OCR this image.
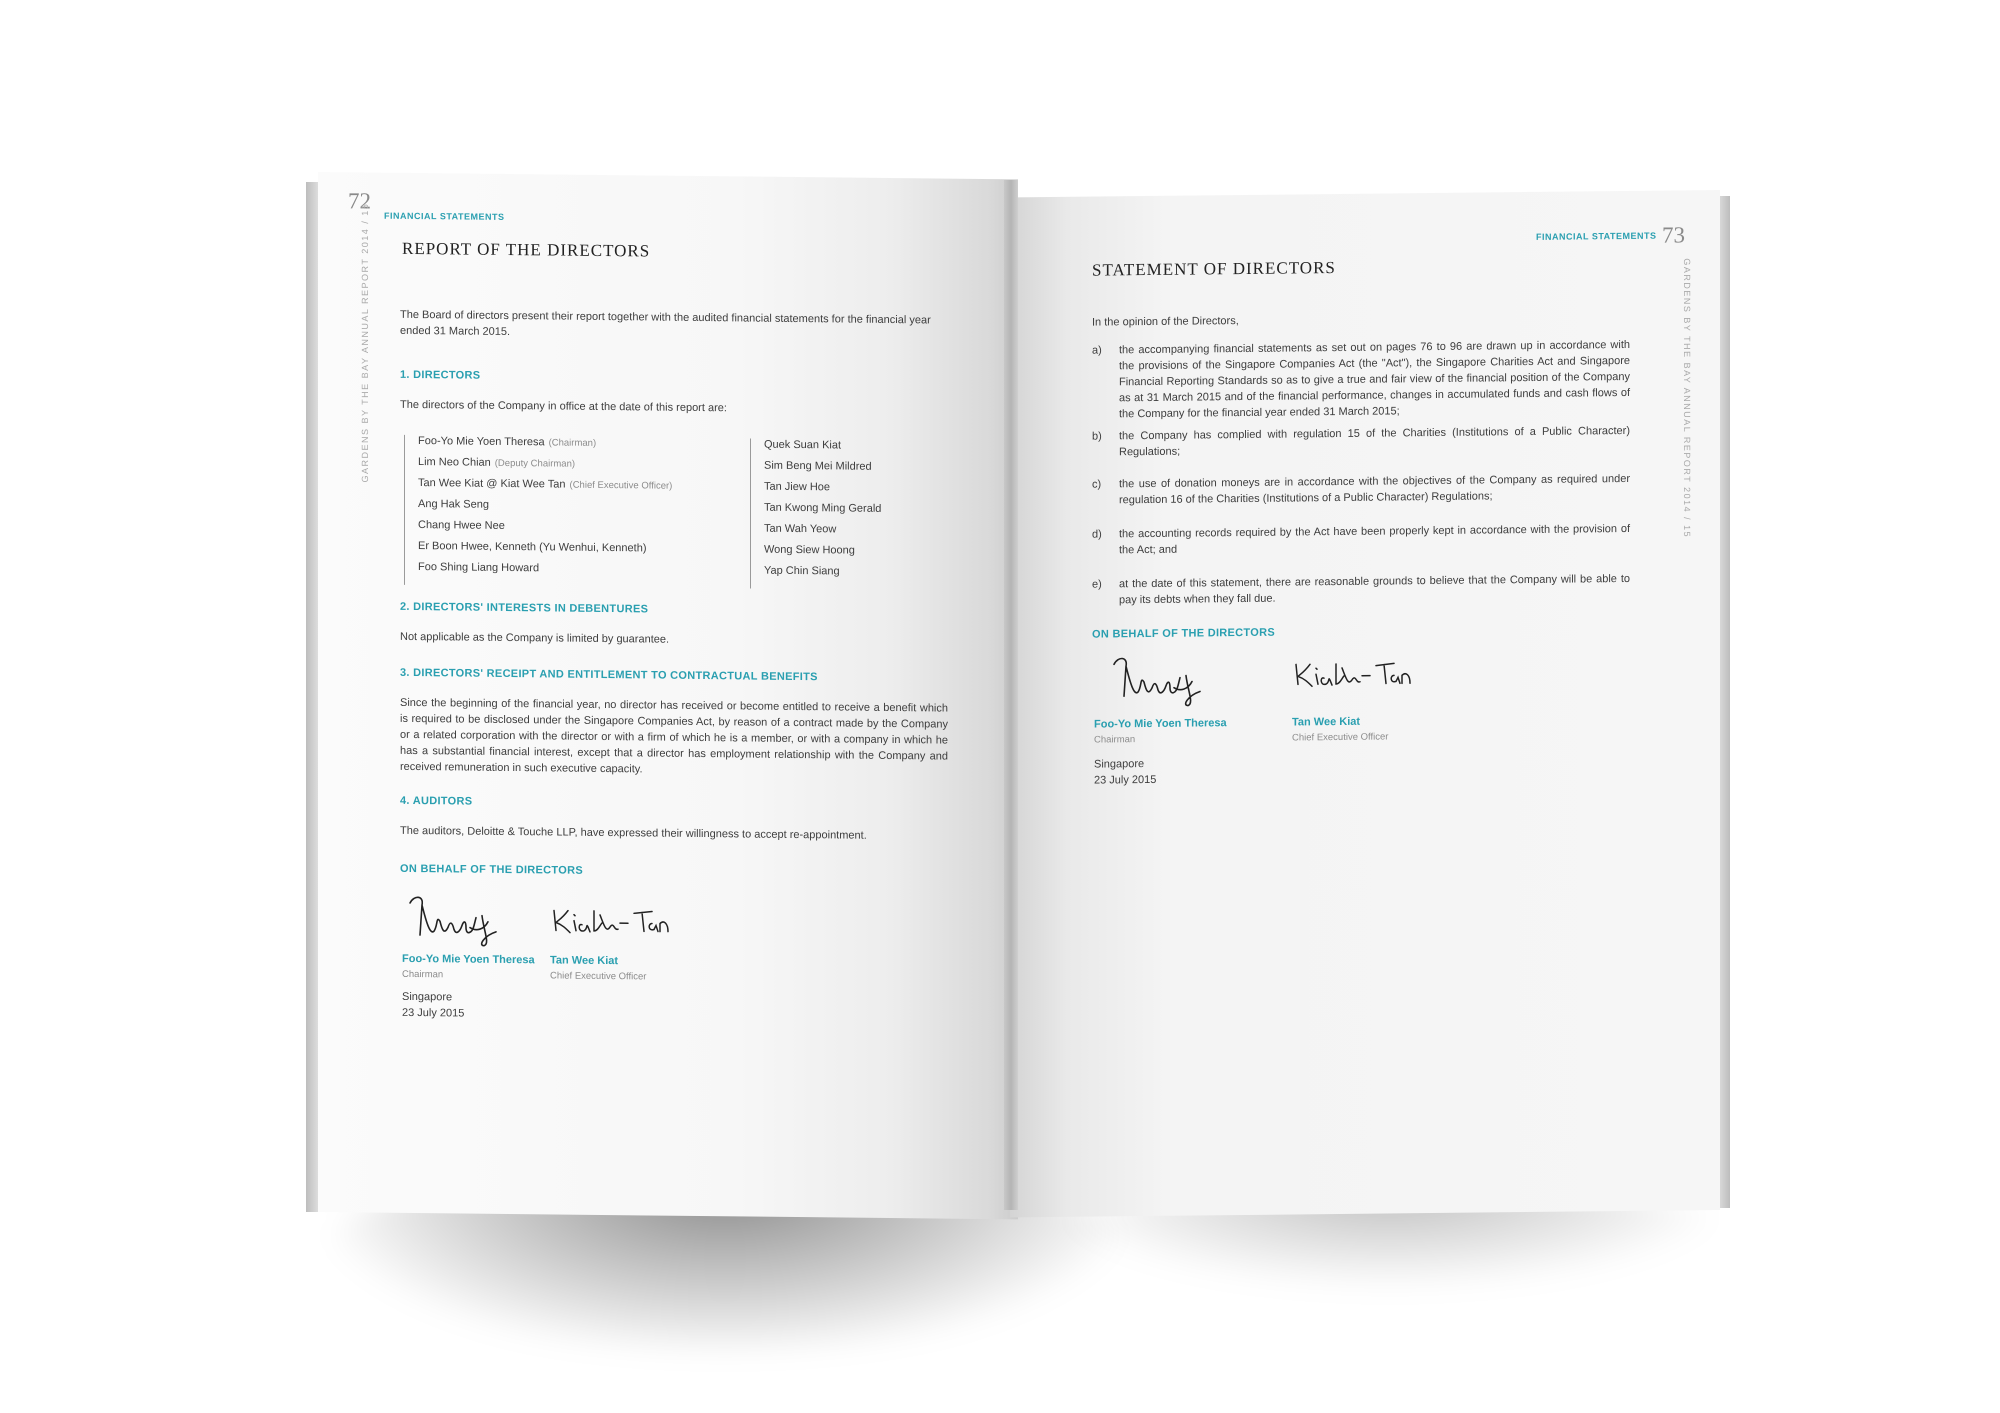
72
FINANCIAL STATEMENTS
GARDENS BY THE BAY ANNUAL REPORT 2014 / 15 REPORT OF THE DIRECTORS
The Board of directors present their report together with the audited financial statements for the financial year ended 31 March 2015.
1. DIRECTORS
The directors of the Company in office at the date of this report are:
Foo-Yo Mie Yoen Theresa (Chairman)
Lim Neo Chian (Deputy Chairman)
Tan Wee Kiat @ Kiat Wee Tan (Chief Executive Officer)
Ang Hak Seng
Chang Hwee Nee
Er Boon Hwee, Kenneth (Yu Wenhui, Kenneth)
Foo Shing Liang Howard
Quek Suan Kiat
Sim Beng Mei Mildred
Tan Jiew Hoe
Tan Kwong Ming Gerald
Tan Wah Yeow
Wong Siew Hoong
Yap Chin Siang
2. DIRECTORS' INTERESTS IN DEBENTURES
Not applicable as the Company is limited by guarantee.
3. DIRECTORS' RECEIPT AND ENTITLEMENT TO CONTRACTUAL BENEFITS
Since the beginning of the financial year, no director has received or become entitled to receive a benefit which is required to be disclosed under the Singapore Companies Act, by reason of a contract made by the Company or a related corporation with the director or with a firm of which he is a member, or with a company in which he has a substantial financial interest, except that a director has employment relationship with the Company and received remuneration in such executive capacity.
4. AUDITORS
The auditors, Deloitte & Touche LLP, have expressed their willingness to accept re-appointment.
ON BEHALF OF THE DIRECTORS
Foo-Yo Mie Yoen Theresa
Chairman
Tan Wee Kiat
Chief Executive Officer
Singapore
23 July 2015
73
FINANCIAL STATEMENTS
GARDENS BY THE BAY ANNUAL REPORT 2014 / 15
STATEMENT OF DIRECTORS
In the opinion of the Directors,
a) the accompanying financial statements as set out on pages 76 to 96 are drawn up in accordance with the provisions of the Singapore Companies Act (the "Act"), the Singapore Charities Act and Singapore Financial Reporting Standards so as to give a true and fair view of the financial position of the Company as at 31 March 2015 and of the financial performance, changes in accumulated funds and cash flows of the Company for the financial year ended 31 March 2015;
b) the Company has complied with regulation 15 of the Charities (Institutions of a Public Character) Regulations;
c) the use of donation moneys are in accordance with the objectives of the Company as required under regulation 16 of the Charities (Institutions of a Public Character) Regulations;
d) the accounting records required by the Act have been properly kept in accordance with the provision of the Act; and
e) at the date of this statement, there are reasonable grounds to believe that the Company will be able to pay its debts when they fall due.
ON BEHALF OF THE DIRECTORS
Foo-Yo Mie Yoen Theresa
Chairman
Tan Wee Kiat
Chief Executive Officer
Singapore
23 July 2015
